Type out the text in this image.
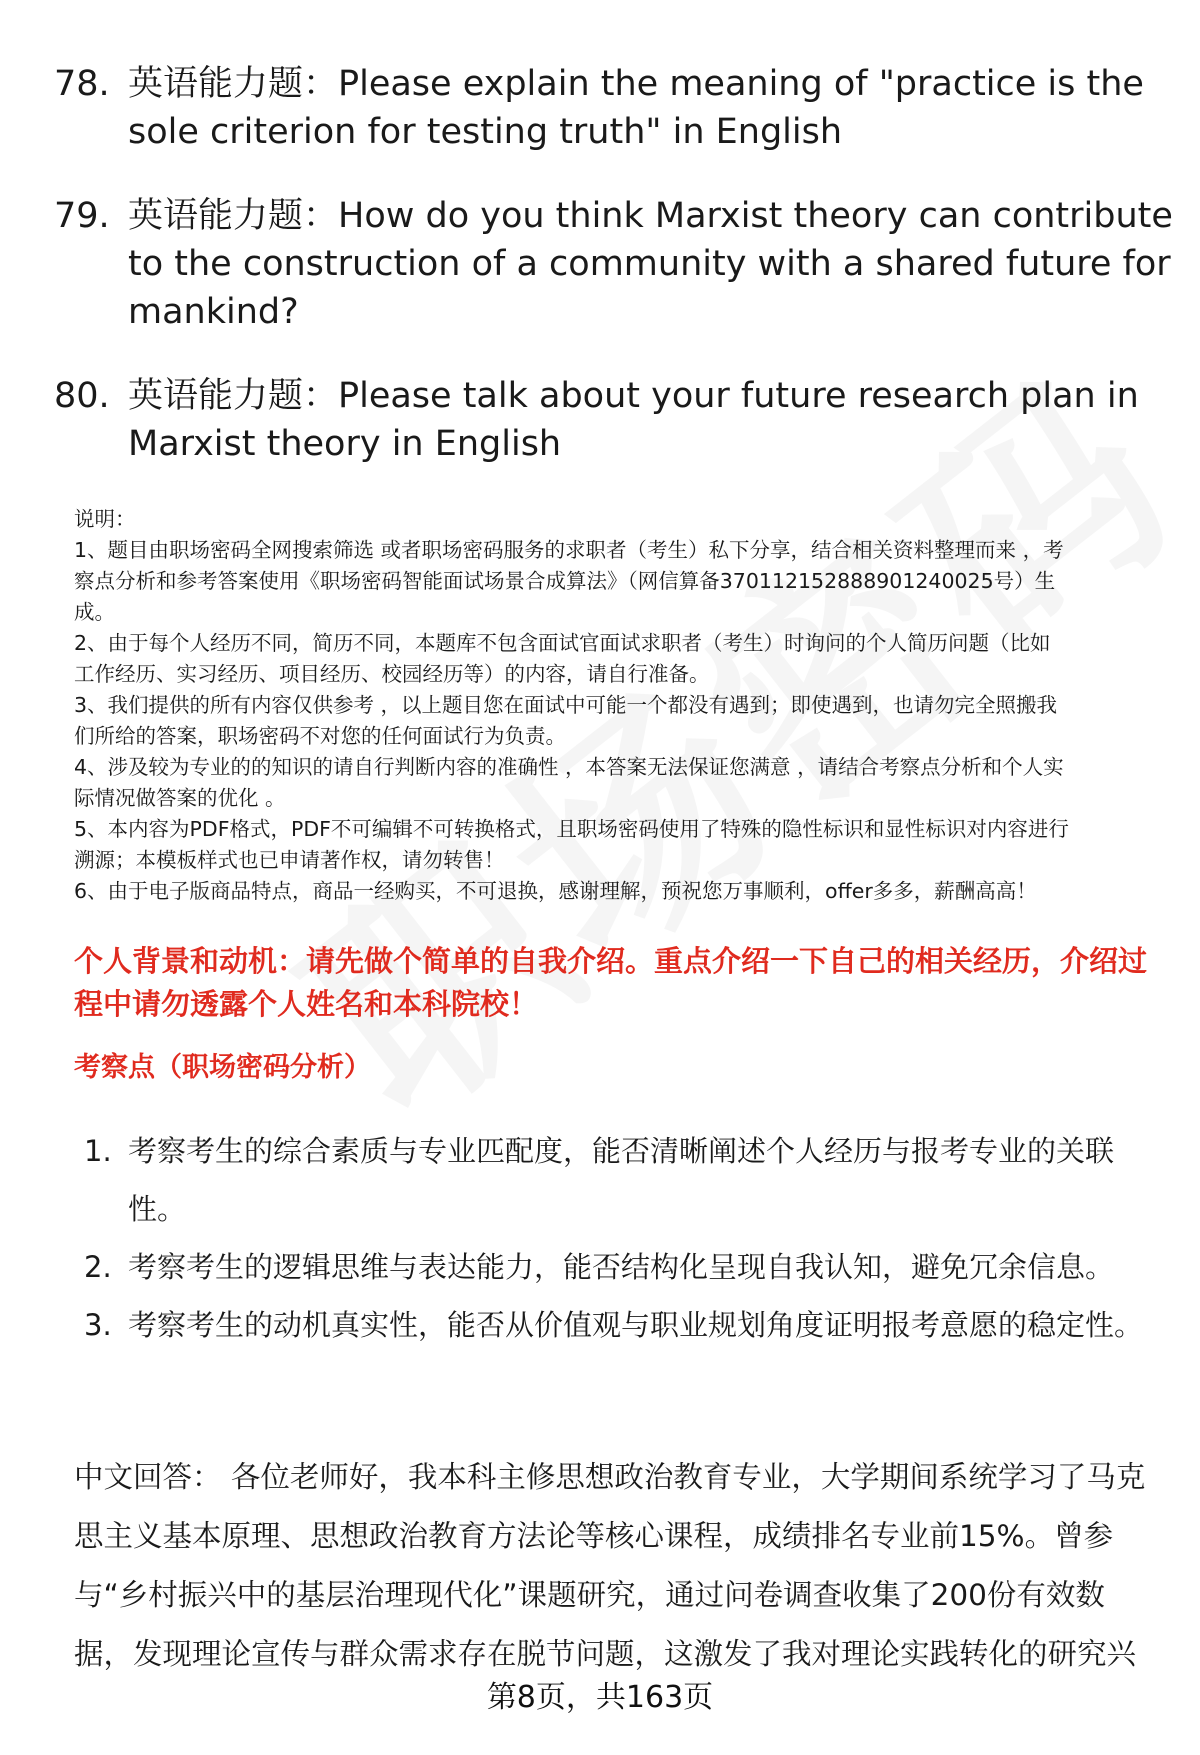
78. 英语能力题：Please explain the meaning of "practice is the sole criterion for testing truth" in English
79. 英语能力题：How do you think Marxist theory can contribute to the construction of a community with a shared future for mankind?
80. 英语能力题：Please talk about your future research plan in Marxist theory in English
说明：
1、题目由职场密码全网搜索筛选 或者职场密码服务的求职者（考生）私下分享，结合相关资料整理而来 ，考
察点分析和参考答案使用《职场密码智能面试场景合成算法》（网信算备370112152888901240025号）生
成。
2、由于每个人经历不同，简历不同，本题库不包含面试官面试求职者（考生）时询问的个人简历问题（比如
工作经历、实习经历、项目经历、校园经历等）的内容，请自行准备。
3、我们提供的所有内容仅供参考 ，以上题目您在面试中可能一个都没有遇到；即使遇到，也请勿完全照搬我
们所给的答案，职场密码不对您的任何面试行为负责。
4、涉及较为专业的的知识的请自行判断内容的准确性 ，本答案无法保证您满意 ，请结合考察点分析和个人实
际情况做答案的优化 。
5、本内容为PDF格式，PDF不可编辑不可转换格式，且职场密码使用了特殊的隐性标识和显性标识对内容进行
溯源；本模板样式也已申请著作权，请勿转售！
6、由于电子版商品特点，商品一经购买，不可退换，感谢理解，预祝您万事顺利，offer多多，薪酬高高！
个人背景和动机：请先做个简单的自我介绍。重点介绍一下自己的相关经历，介绍过程中请勿透露个人姓名和本科院校！
考察点（职场密码分析）
1. 考察考生的综合素质与专业匹配度，能否清晰阐述个人经历与报考专业的关联性。
2. 考察考生的逻辑思维与表达能力，能否结构化呈现自我认知，避免冗余信息。
3. 考察考生的动机真实性，能否从价值观与职业规划角度证明报考意愿的稳定性。
中文回答： 各位老师好，我本科主修思想政治教育专业，大学期间系统学习了马克思主义基本原理、思想政治教育方法论等核心课程，成绩排名专业前15%。曾参与“乡村振兴中的基层治理现代化”课题研究，通过问卷调查收集了200份有效数据，发现理论宣传与群众需求存在脱节问题，这激发了我对理论实践转化的研究兴
第8页，共163页
